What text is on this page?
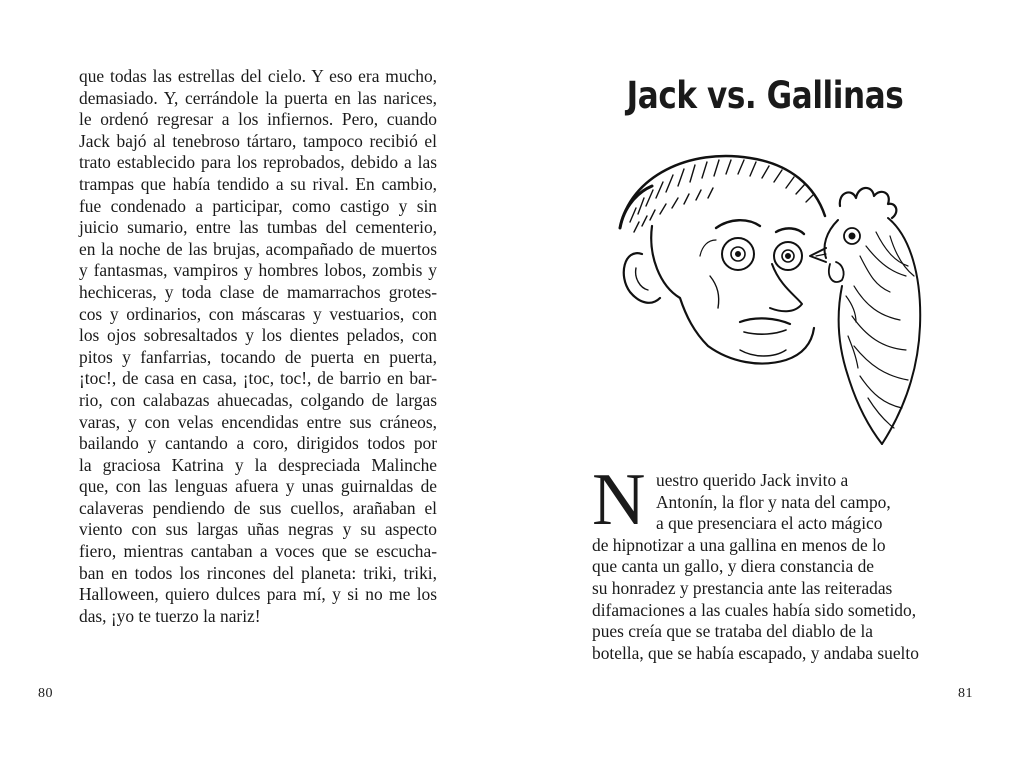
que todas las estrellas del cielo. Y eso era mucho,
demasiado. Y, cerrándole la puerta en las narices,
le ordenó regresar a los infiernos. Pero, cuando
Jack bajó al tenebroso tártaro, tampoco recibió el
trato establecido para los reprobados, debido a las
trampas que había tendido a su rival. En cambio,
fue condenado a participar, como castigo y sin
juicio sumario, entre las tumbas del cementerio,
en la noche de las brujas, acompañado de muertos
y fantasmas, vampiros y hombres lobos, zombis y
hechiceras, y toda clase de mamarrachos grotes-
cos y ordinarios, con máscaras y vestuarios, con
los ojos sobresaltados y los dientes pelados, con
pitos y fanfarrias, tocando de puerta en puerta,
¡toc!, de casa en casa, ¡toc, toc!, de barrio en bar-
rio, con calabazas ahuecadas, colgando de largas
varas, y con velas encendidas entre sus cráneos,
bailando y cantando a coro, dirigidos todos por
la graciosa Katrina y la despreciada Malinche
que, con las lenguas afuera y unas guirnaldas de
calaveras pendiendo de sus cuellos, arañaban el
viento con sus largas uñas negras y su aspecto
fiero, mientras cantaban a voces que se escucha-
ban en todos los rincones del planeta: triki, triki,
Halloween, quiero dulces para mí, y si no me los
das, ¡yo te tuerzo la nariz!
80
Jack vs. Gallinas
N uestro querido Jack invito a
Antonín, la flor y nata del campo,
a que presenciara el acto mágico
de hipnotizar a una gallina en menos de lo
que canta un gallo, y diera constancia de
su honradez y prestancia ante las reiteradas
difamaciones a las cuales había sido sometido,
pues creía que se trataba del diablo de la
botella, que se había escapado, y andaba suelto
81
